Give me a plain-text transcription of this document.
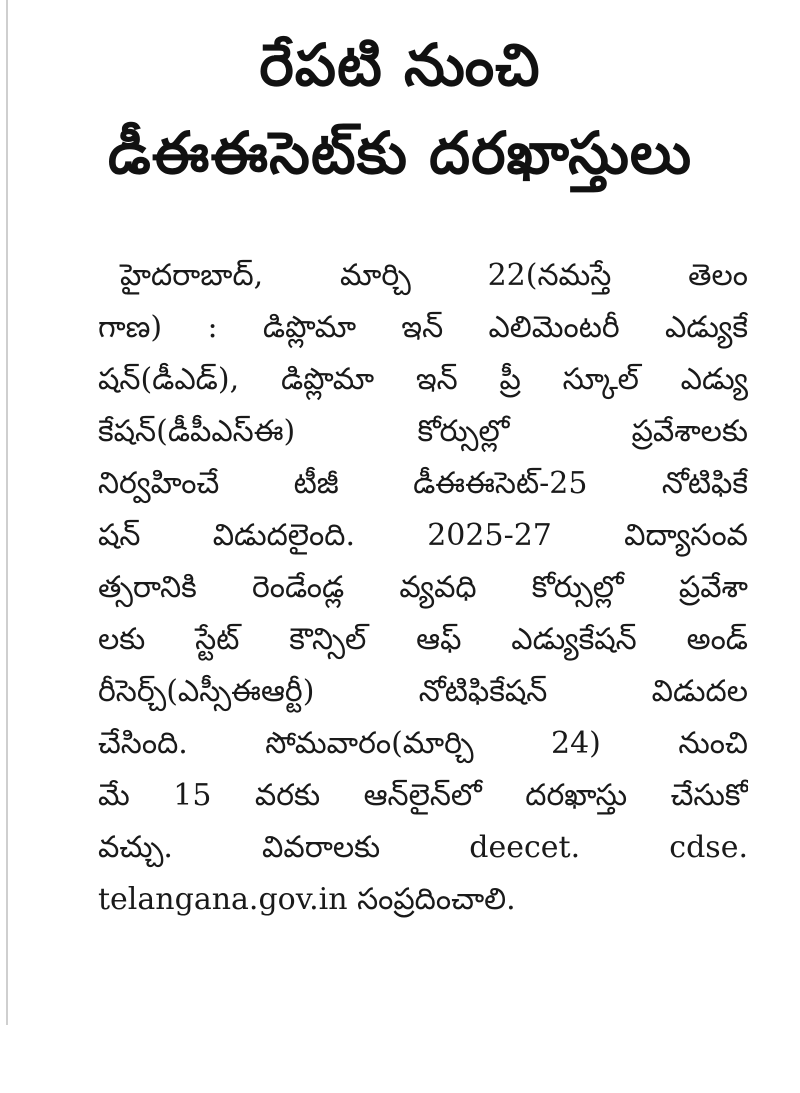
రేపటి నుంచి
డీఈఈసెట్‌కు దరఖాస్తులు
హైదరాబాద్, మార్చి 22(నమస్తే తెలం
గాణ) : డిప్లొమా ఇన్ ఎలిమెంటరీ ఎడ్యుకే
షన్(డీఎడ్), డిప్లొమా ఇన్ ప్రీ స్కూల్ ఎడ్యు
కేషన్(డీపీఎస్ఈ) కోర్సుల్లో ప్రవేశాలకు
నిర్వహించే టీజీ డీఈఈసెట్-25 నోటిఫికే
షన్ విడుదలైంది. 2025-27 విద్యాసంవ
త్సరానికి రెండేండ్ల వ్యవధి కోర్సుల్లో ప్రవేశా
లకు స్టేట్ కౌన్సిల్ ఆఫ్ ఎడ్యుకేషన్ అండ్
రీసెర్చ్(ఎస్సీఈఆర్టీ) నోటిఫికేషన్ విడుదల
చేసింది. సోమవారం(మార్చి 24) నుంచి
మే 15 వరకు ఆన్‌లైన్‌లో దరఖాస్తు చేసుకో
వచ్చు. వివరాలకు deecet. cdse.
telangana.gov.in సంప్రదించాలి.
